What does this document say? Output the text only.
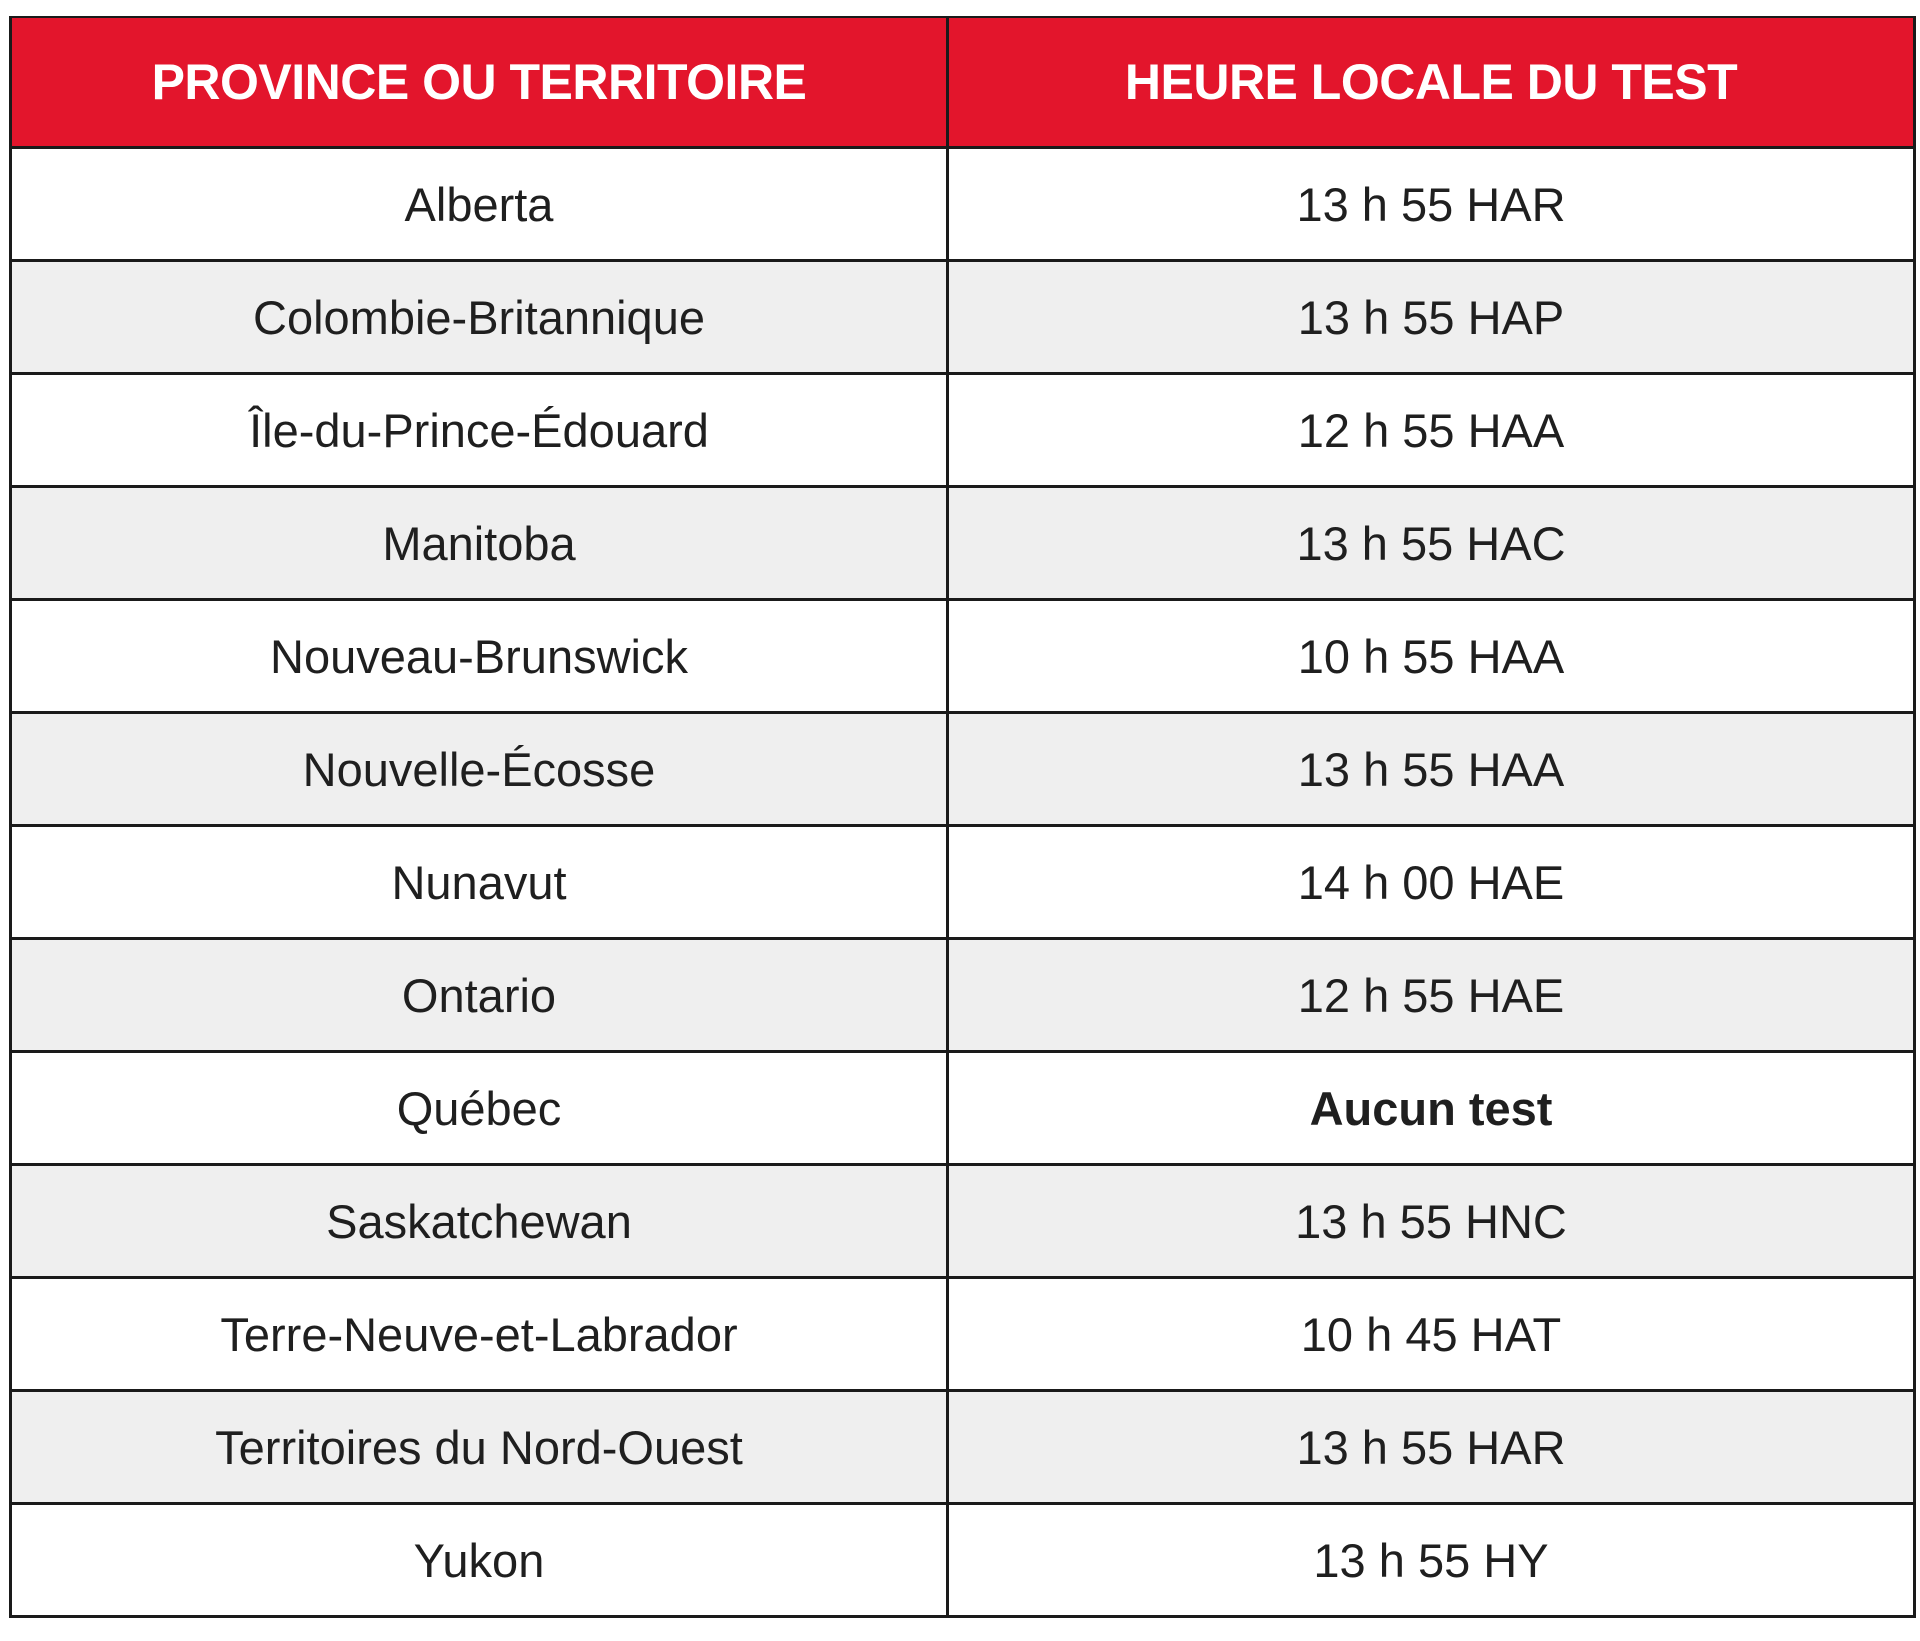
PROVINCE OU TERRITOIRE	HEURE LOCALE DU TEST
Alberta	13 h 55 HAR
Colombie-Britannique	13 h 55 HAP
Île-du-Prince-Édouard	12 h 55 HAA
Manitoba	13 h 55 HAC
Nouveau-Brunswick	10 h 55 HAA
Nouvelle-Écosse	13 h 55 HAA
Nunavut	14 h 00 HAE
Ontario	12 h 55 HAE
Québec	Aucun test
Saskatchewan	13 h 55 HNC
Terre-Neuve-et-Labrador	10 h 45 HAT
Territoires du Nord-Ouest	13 h 55 HAR
Yukon	13 h 55 HY
